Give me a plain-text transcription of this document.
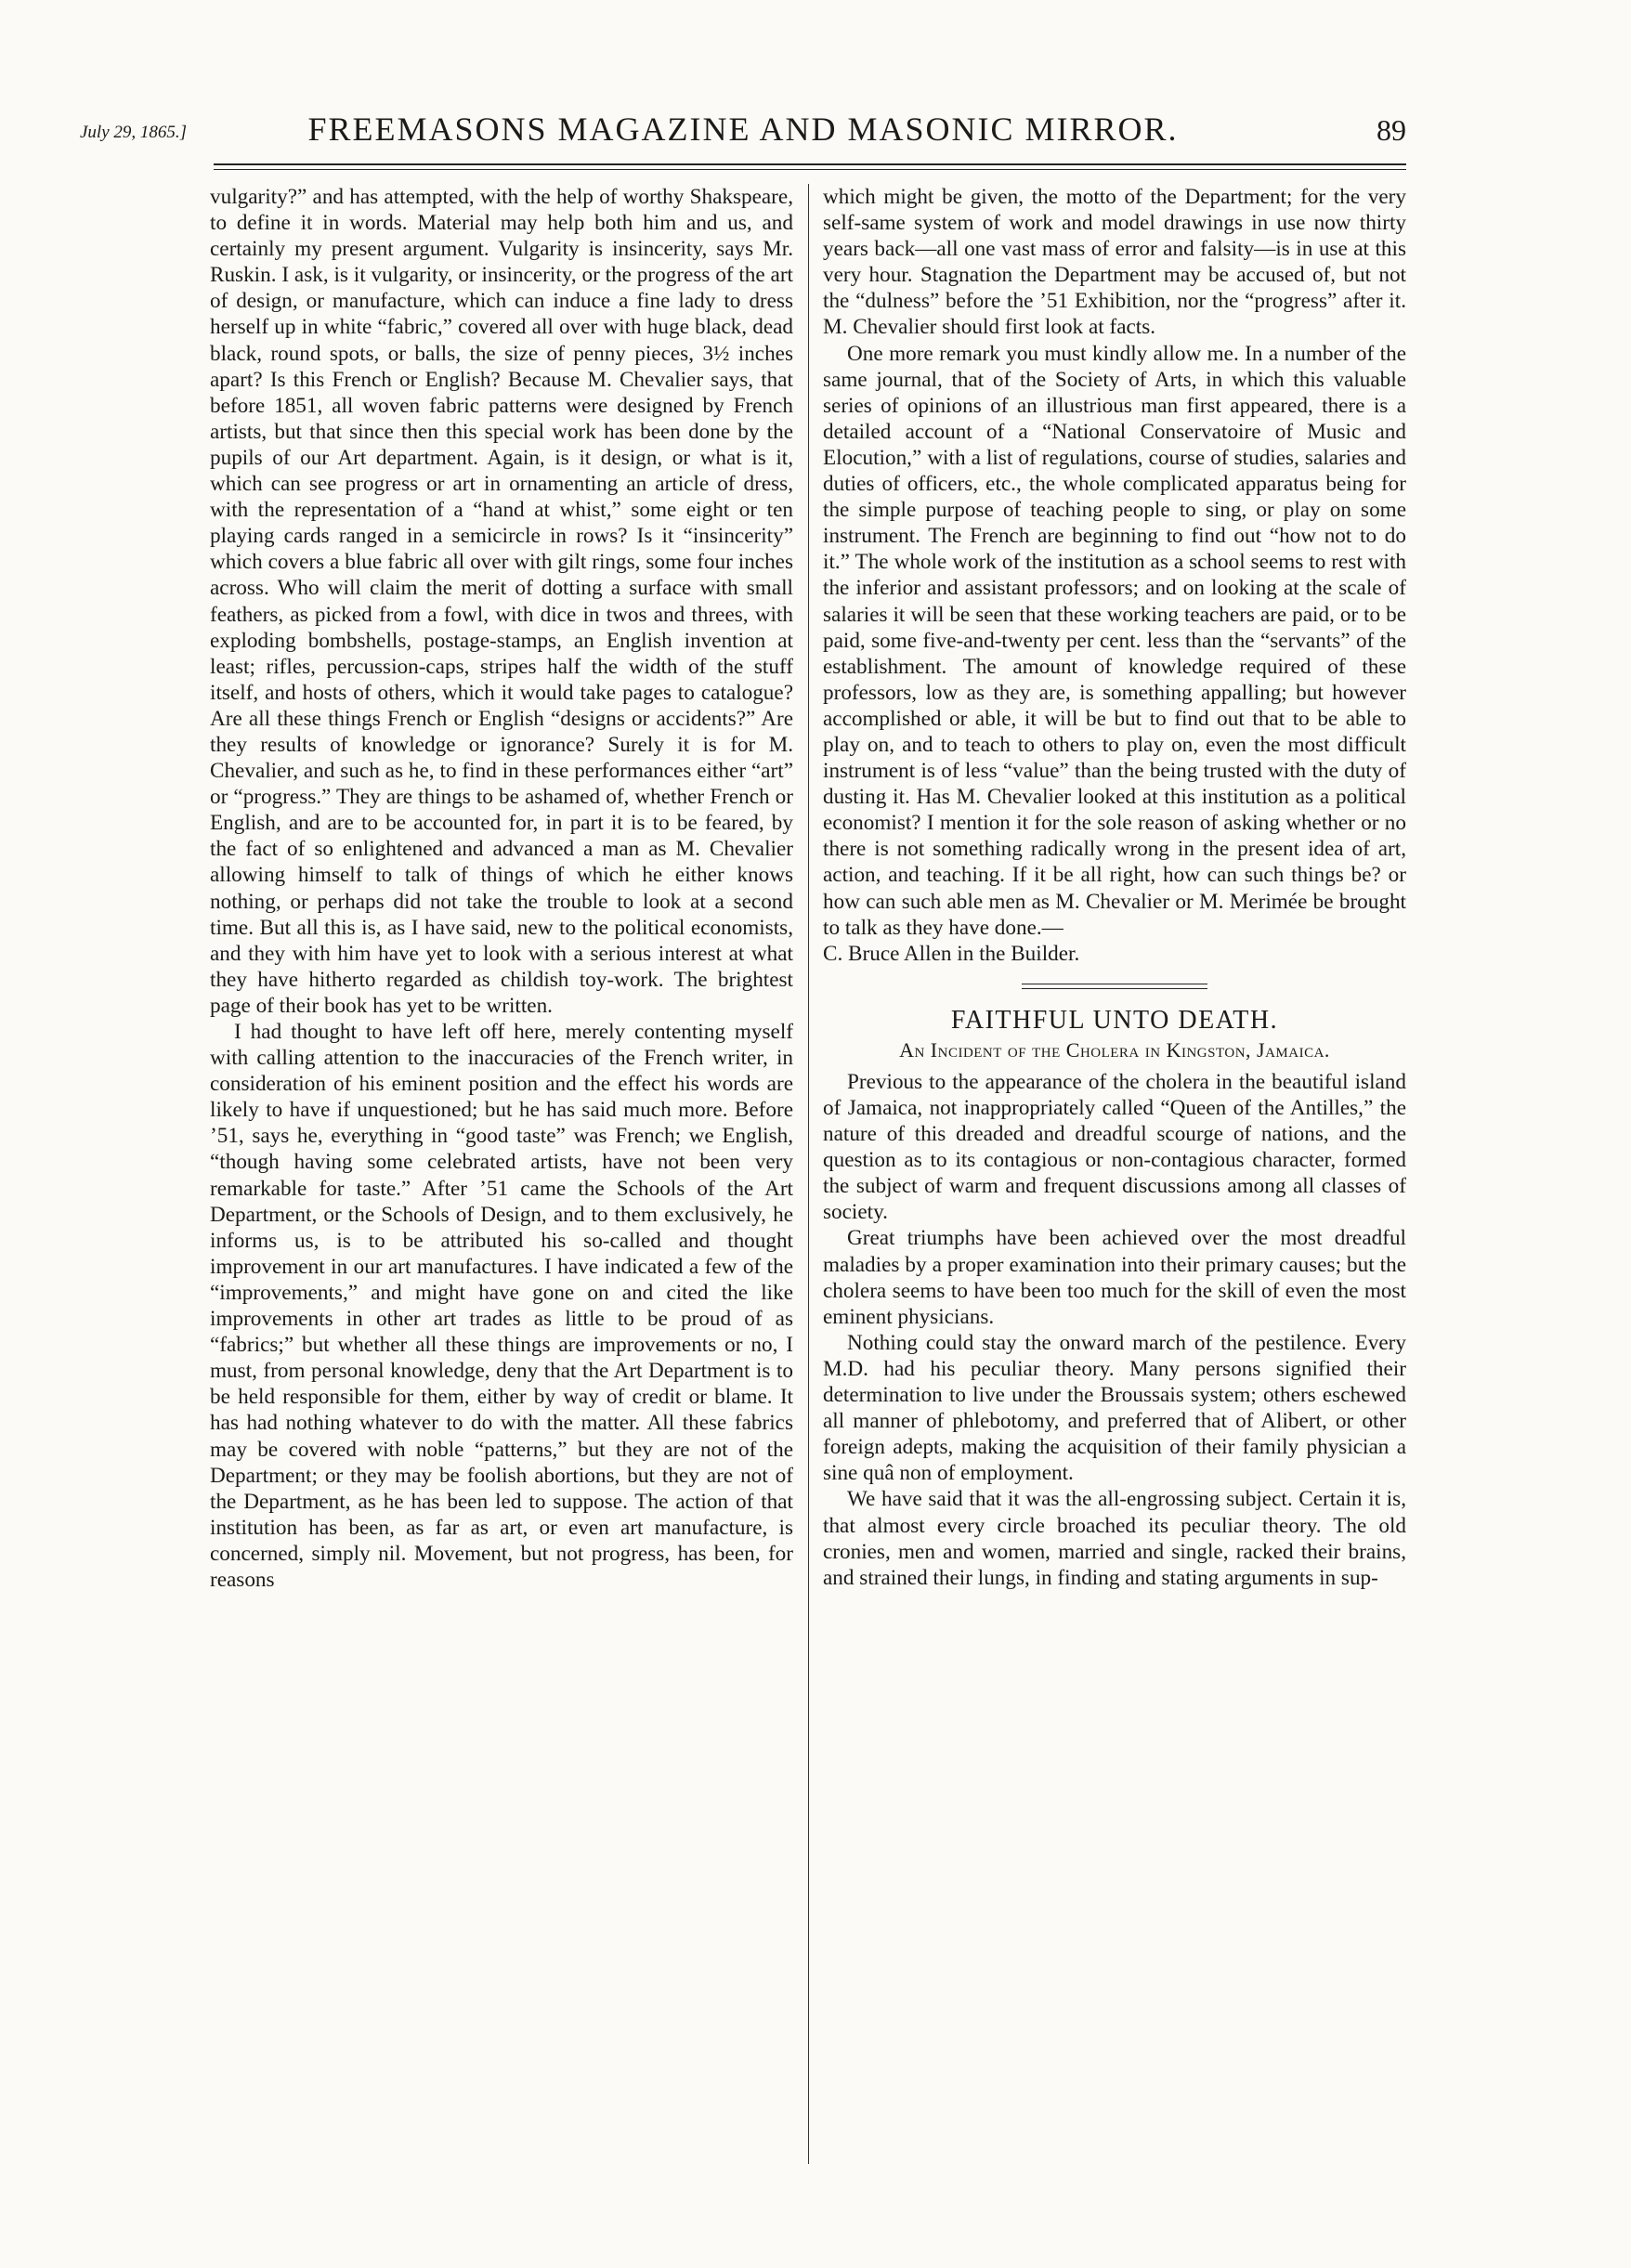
July 29, 1865.]	FREEMASONS MAGAZINE AND MASONIC MIRROR.	89

vulgarity?” and has attempted, with the help of worthy Shakspeare, to define it in words. Material may help both him and us, and certainly my present argument. Vulgarity is insincerity, says Mr. Ruskin. I ask, is it vulgarity, or insincerity, or the progress of the art of design, or manufacture, which can induce a fine lady to dress herself up in white “fabric,” covered all over with huge black, dead black, round spots, or balls, the size of penny pieces, 3½ inches apart? Is this French or English? Because M. Chevalier says, that before 1851, all woven fabric patterns were designed by French artists, but that since then this special work has been done by the pupils of our Art department. Again, is it design, or what is it, which can see progress or art in ornamenting an article of dress, with the representation of a “hand at whist,” some eight or ten playing cards ranged in a semicircle in rows? Is it “insincerity” which covers a blue fabric all over with gilt rings, some four inches across. Who will claim the merit of dotting a surface with small feathers, as picked from a fowl, with dice in twos and threes, with exploding bombshells, postage-stamps, an English invention at least; rifles, percussion-caps, stripes half the width of the stuff itself, and hosts of others, which it would take pages to catalogue? Are all these things French or English “designs or accidents?” Are they results of knowledge or ignorance? Surely it is for M. Chevalier, and such as he, to find in these performances either “art” or “progress.” They are things to be ashamed of, whether French or English, and are to be accounted for, in part it is to be feared, by the fact of so enlightened and advanced a man as M. Chevalier allowing himself to talk of things of which he either knows nothing, or perhaps did not take the trouble to look at a second time. But all this is, as I have said, new to the political economists, and they with him have yet to look with a serious interest at what they have hitherto regarded as childish toy-work. The brightest page of their book has yet to be written.

I had thought to have left off here, merely contenting myself with calling attention to the inaccuracies of the French writer, in consideration of his eminent position and the effect his words are likely to have if unquestioned; but he has said much more. Before ’51, says he, everything in “good taste” was French; we English, “though having some celebrated artists, have not been very remarkable for taste.” After ’51 came the Schools of the Art Department, or the Schools of Design, and to them exclusively, he informs us, is to be attributed his so-called and thought improvement in our art manufactures. I have indicated a few of the “improvements,” and might have gone on and cited the like improvements in other art trades as little to be proud of as “fabrics;” but whether all these things are improvements or no, I must, from personal knowledge, deny that the Art Department is to be held responsible for them, either by way of credit or blame. It has had nothing whatever to do with the matter. All these fabrics may be covered with noble “patterns,” but they are not of the Department; or they may be foolish abortions, but they are not of the Department, as he has been led to suppose. The action of that institution has been, as far as art, or even art manufacture, is concerned, simply nil. Movement, but not progress, has been, for reasons

which might be given, the motto of the Department; for the very self-same system of work and model drawings in use now thirty years back—all one vast mass of error and falsity—is in use at this very hour. Stagnation the Department may be accused of, but not the “dulness” before the ’51 Exhibition, nor the “progress” after it. M. Chevalier should first look at facts.

One more remark you must kindly allow me. In a number of the same journal, that of the Society of Arts, in which this valuable series of opinions of an illustrious man first appeared, there is a detailed account of a “National Conservatoire of Music and Elocution,” with a list of regulations, course of studies, salaries and duties of officers, etc., the whole complicated apparatus being for the simple purpose of teaching people to sing, or play on some instrument. The French are beginning to find out “how not to do it.” The whole work of the institution as a school seems to rest with the inferior and assistant professors; and on looking at the scale of salaries it will be seen that these working teachers are paid, or to be paid, some five-and-twenty per cent. less than the “servants” of the establishment. The amount of knowledge required of these professors, low as they are, is something appalling; but however accomplished or able, it will be but to find out that to be able to play on, and to teach to others to play on, even the most difficult instrument is of less “value” than the being trusted with the duty of dusting it. Has M. Chevalier looked at this institution as a political economist? I mention it for the sole reason of asking whether or no there is not something radically wrong in the present idea of art, action, and teaching. If it be all right, how can such things be? or how can such able men as M. Chevalier or M. Merimée be brought to talk as they have done.—

C. Bruce Allen in the Builder.

FAITHFUL UNTO DEATH.
An Incident of the Cholera in Kingston, Jamaica.

Previous to the appearance of the cholera in the beautiful island of Jamaica, not inappropriately called “Queen of the Antilles,” the nature of this dreaded and dreadful scourge of nations, and the question as to its contagious or non-contagious character, formed the subject of warm and frequent discussions among all classes of society.

Great triumphs have been achieved over the most dreadful maladies by a proper examination into their primary causes; but the cholera seems to have been too much for the skill of even the most eminent physicians.

Nothing could stay the onward march of the pestilence. Every M.D. had his peculiar theory. Many persons signified their determination to live under the Broussais system; others eschewed all manner of phlebotomy, and preferred that of Alibert, or other foreign adepts, making the acquisition of their family physician a sine quâ non of employment.

We have said that it was the all-engrossing subject. Certain it is, that almost every circle broached its peculiar theory. The old cronies, men and women, married and single, racked their brains, and strained their lungs, in finding and stating arguments in sup-
